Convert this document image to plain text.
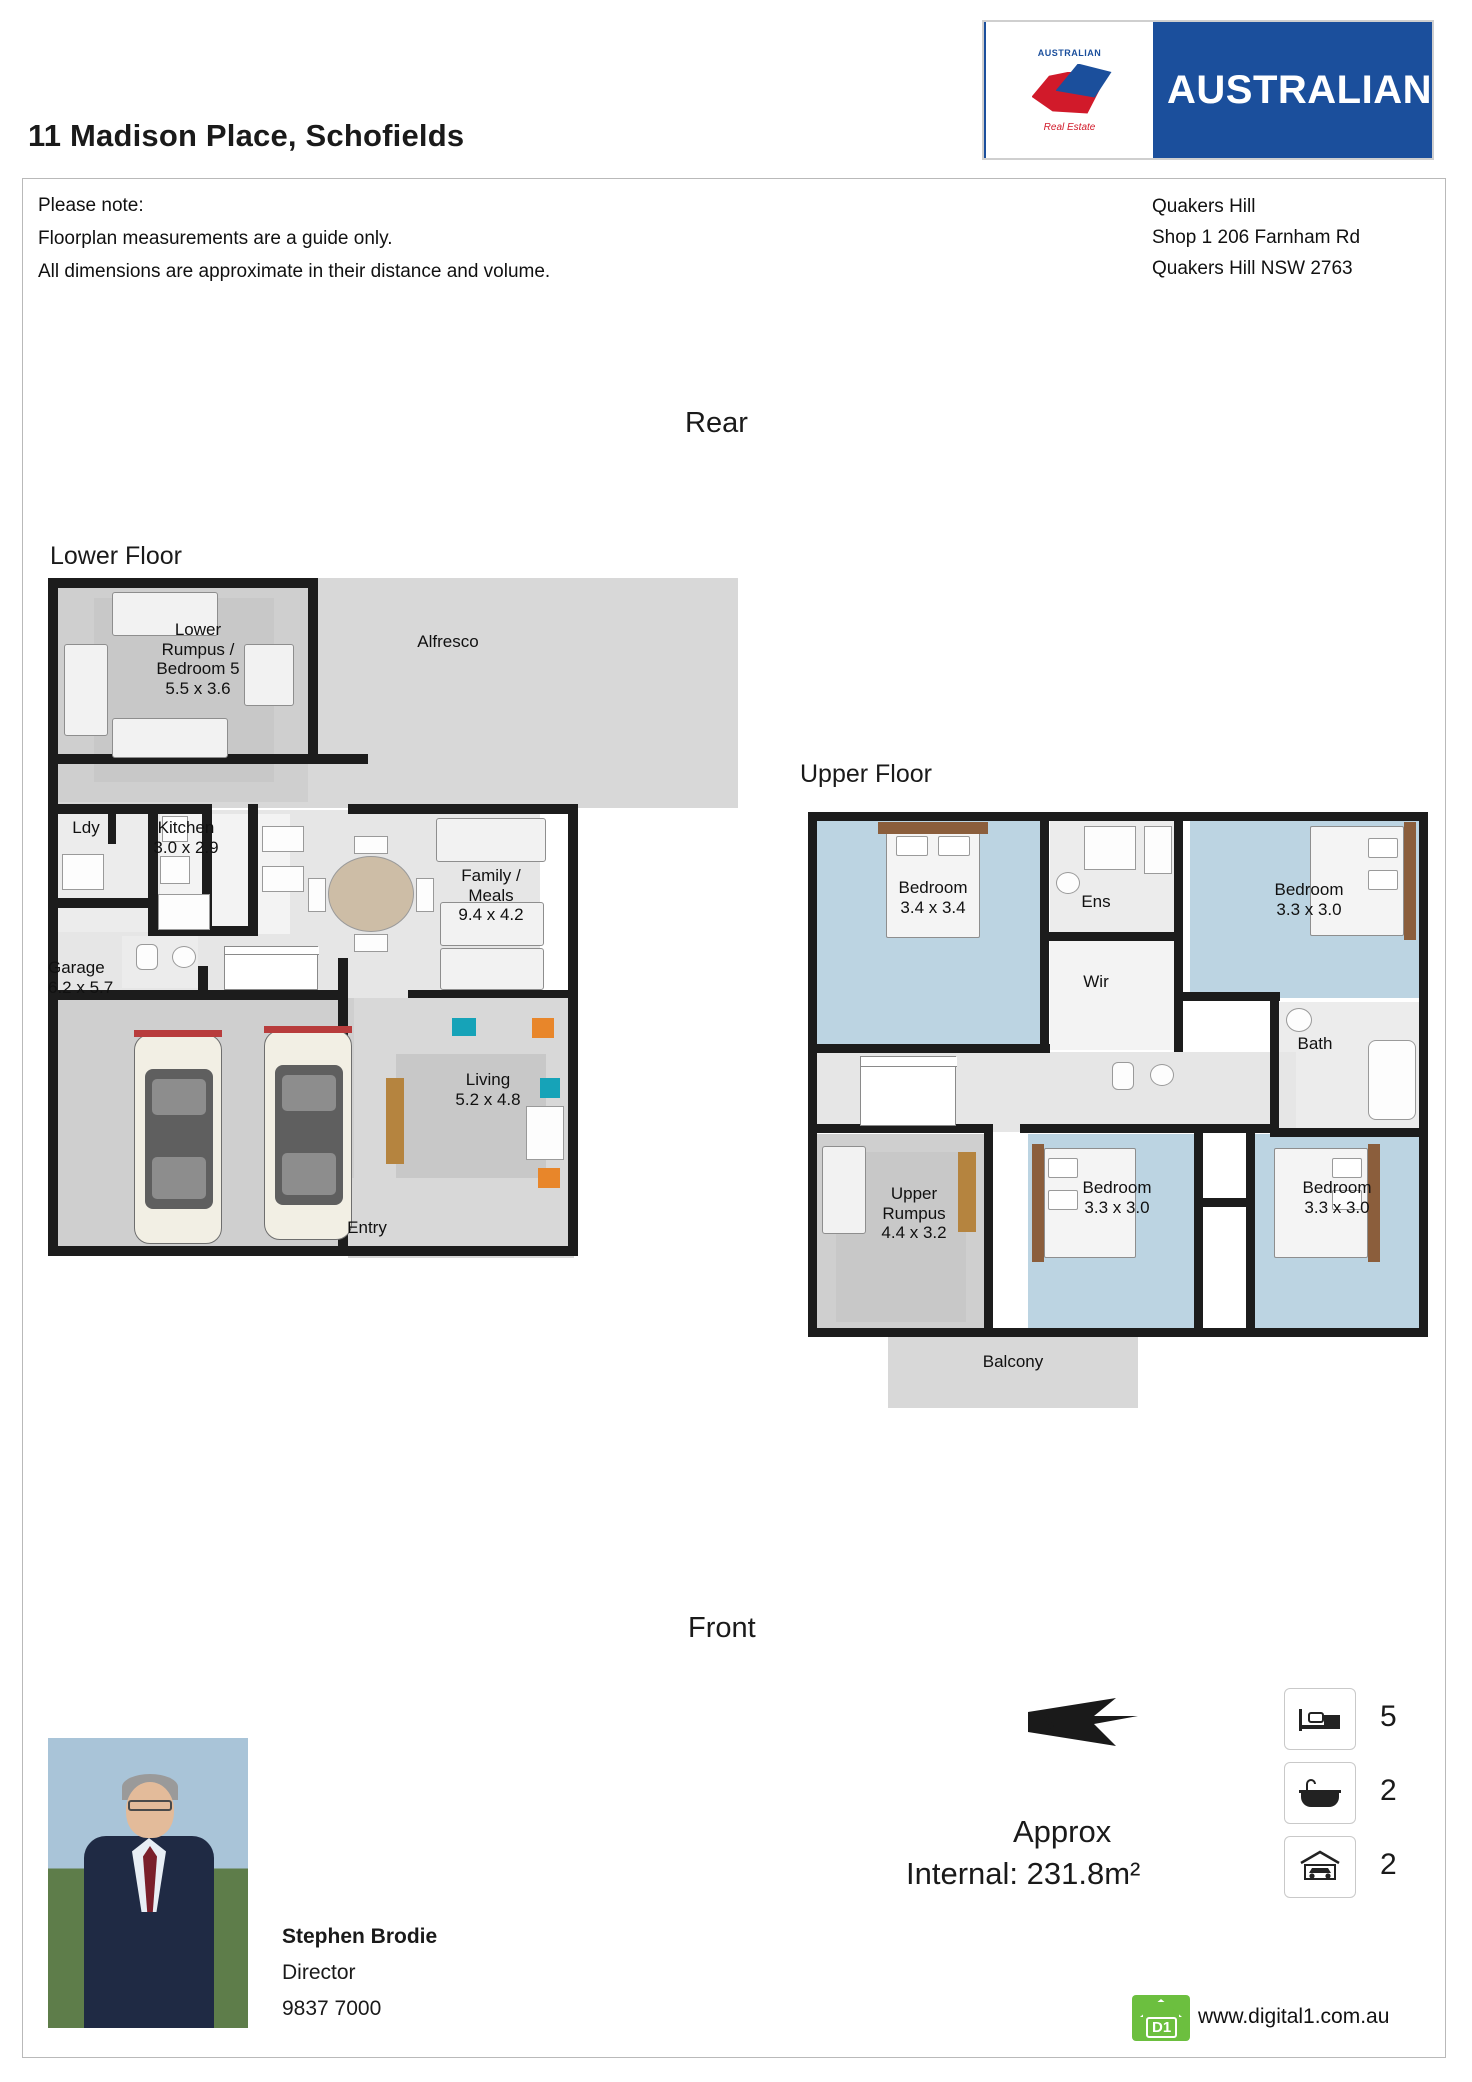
AUSTRALIAN
Real Estate
AUSTRALIAN
11 Madison Place, Schofields
Please note:
Floorplan measurements are a guide only.
All dimensions are approximate in their distance and volume.
Quakers Hill
Shop 1 206 Farnham Rd
Quakers Hill NSW 2763
Rear
Front
Lower Floor
Upper Floor
Lower
Rumpus /
Bedroom 5
5.5 x 3.6
Alfresco
Ldy	Kitchen
3.0 x 2.9
Family /
Meals
9.4 x 4.2
Garage
6.2 x 5.7
Living
5.2 x 4.8
Entry
Bedroom
3.4 x 3.4	Ens
Wir
Bedroom
3.3 x 3.0
Bath
Upper
Rumpus
4.4 x 3.2
Bedroom
3.3 x 3.0
Bedroom
3.3 x 3.0
Balcony
N	5
2
2
Approx
Internal: 231.8m²
Stephen Brodie
Director
9837 7000
D1 www.digital1.com.au
